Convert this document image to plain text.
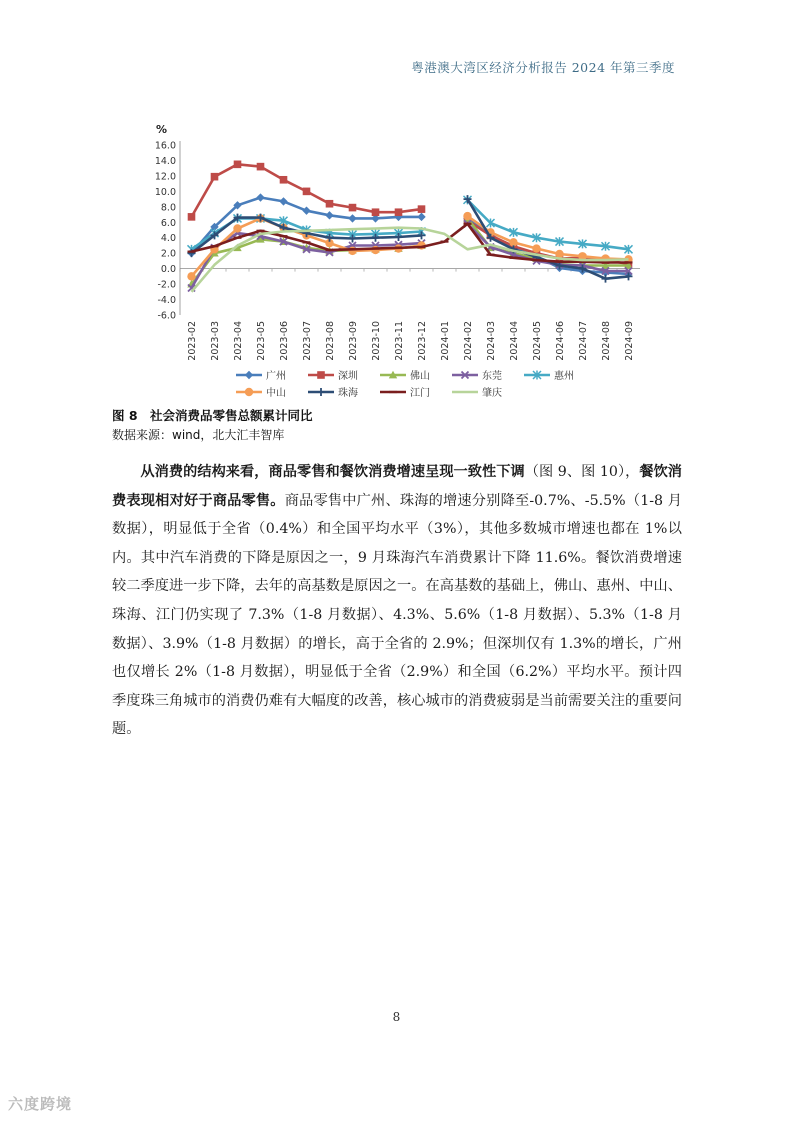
粤港澳大湾区经济分析报告 2024 年第三季度
%
16.0
14.0
12.0
10.0
8.0
6.0
4.0
2.0
0.0
-2.0
-4.0
-6.0
2023-02 2023-03 2023-04 2023-05 2023-06 2023-07 2023-08 2023-09 2023-10 2023-11 2023-12 2024-01 2024-02 2024-03 2024-04 2024-05 2024-06 2024-07 2024-08 2024-09
广州	深圳	佛山	东莞	惠州
中山	珠海	江门	肇庆
图 8　社会消费品零售总额累计同比
数据来源：wind，北大汇丰智库

从消费的结构来看，商品零售和餐饮消费增速呈现一致性下调（图 9、图 10），餐饮消费表现相对好于商品零售。商品零售中广州、珠海的增速分别降至-0.7%、-5.5%（1-8 月数据），明显低于全省（0.4%）和全国平均水平（3%），其他多数城市增速也都在 1%以内。其中汽车消费的下降是原因之一，9 月珠海汽车消费累计下降 11.6%。餐饮消费增速较二季度进一步下降，去年的高基数是原因之一。在高基数的基础上，佛山、惠州、中山、珠海、江门仍实现了 7.3%（1-8 月数据）、4.3%、5.6%（1-8 月数据）、5.3%（1-8 月数据）、3.9%（1-8 月数据）的增长，高于全省的 2.9%；但深圳仅有 1.3%的增长，广州也仅增长 2%（1-8 月数据），明显低于全省（2.9%）和全国（6.2%）平均水平。预计四季度珠三角城市的消费仍难有大幅度的改善，核心城市的消费疲弱是当前需要关注的重要问题。

8
六度跨境
